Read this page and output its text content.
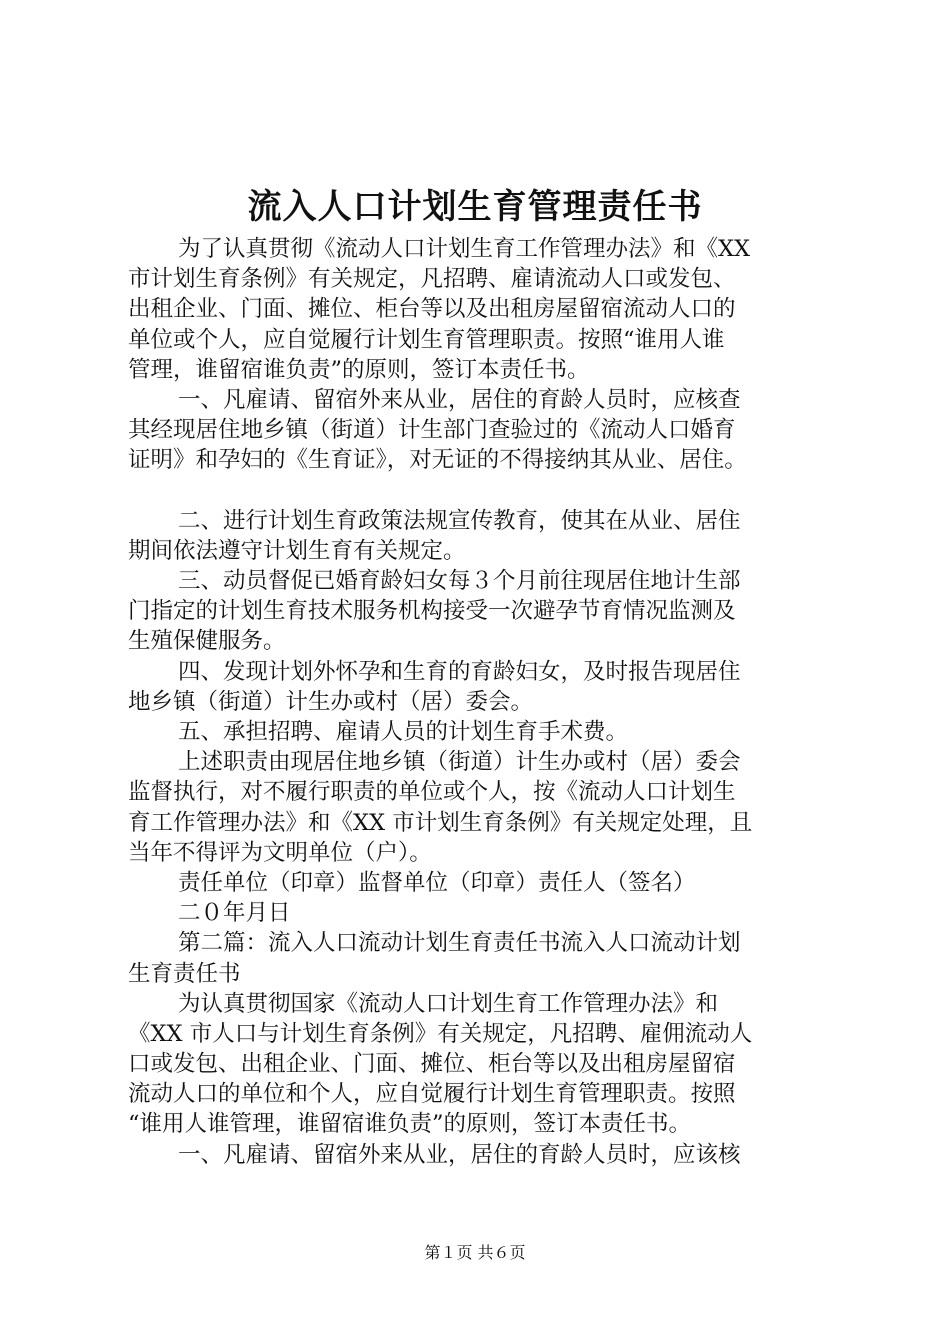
流入人口计划生育管理责任书
为了认真贯彻《流动人口计划生育工作管理办法》和《XX
市计划生育条例》有关规定，凡招聘、雇请流动人口或发包、
出租企业、门面、摊位、柜台等以及出租房屋留宿流动人口的
单位或个人，应自觉履行计划生育管理职责。按照“谁用人谁
管理，谁留宿谁负责”的原则，签订本责任书。
一、凡雇请、留宿外来从业，居住的育龄人员时，应核查
其经现居住地乡镇（街道）计生部门查验过的《流动人口婚育
证明》和孕妇的《生育证》，对无证的不得接纳其从业、居住。
二、进行计划生育政策法规宣传教育，使其在从业、居住
期间依法遵守计划生育有关规定。
三、动员督促已婚育龄妇女每３个月前往现居住地计生部
门指定的计划生育技术服务机构接受一次避孕节育情况监测及
生殖保健服务。
四、发现计划外怀孕和生育的育龄妇女，及时报告现居住
地乡镇（街道）计生办或村（居）委会。
五、承担招聘、雇请人员的计划生育手术费。
上述职责由现居住地乡镇（街道）计生办或村（居）委会
监督执行，对不履行职责的单位或个人，按《流动人口计划生
育工作管理办法》和《XX 市计划生育条例》有关规定处理，且
当年不得评为文明单位（户）。
责任单位（印章）监督单位（印章）责任人（签名）
二０年月日
第二篇：流入人口流动计划生育责任书流入人口流动计划
生育责任书
为认真贯彻国家《流动人口计划生育工作管理办法》和
《XX 市人口与计划生育条例》有关规定，凡招聘、雇佣流动人
口或发包、出租企业、门面、摊位、柜台等以及出租房屋留宿
流动人口的单位和个人，应自觉履行计划生育管理职责。按照
“谁用人谁管理，谁留宿谁负责”的原则，签订本责任书。
一、凡雇请、留宿外来从业，居住的育龄人员时，应该核
第１页 共６页
